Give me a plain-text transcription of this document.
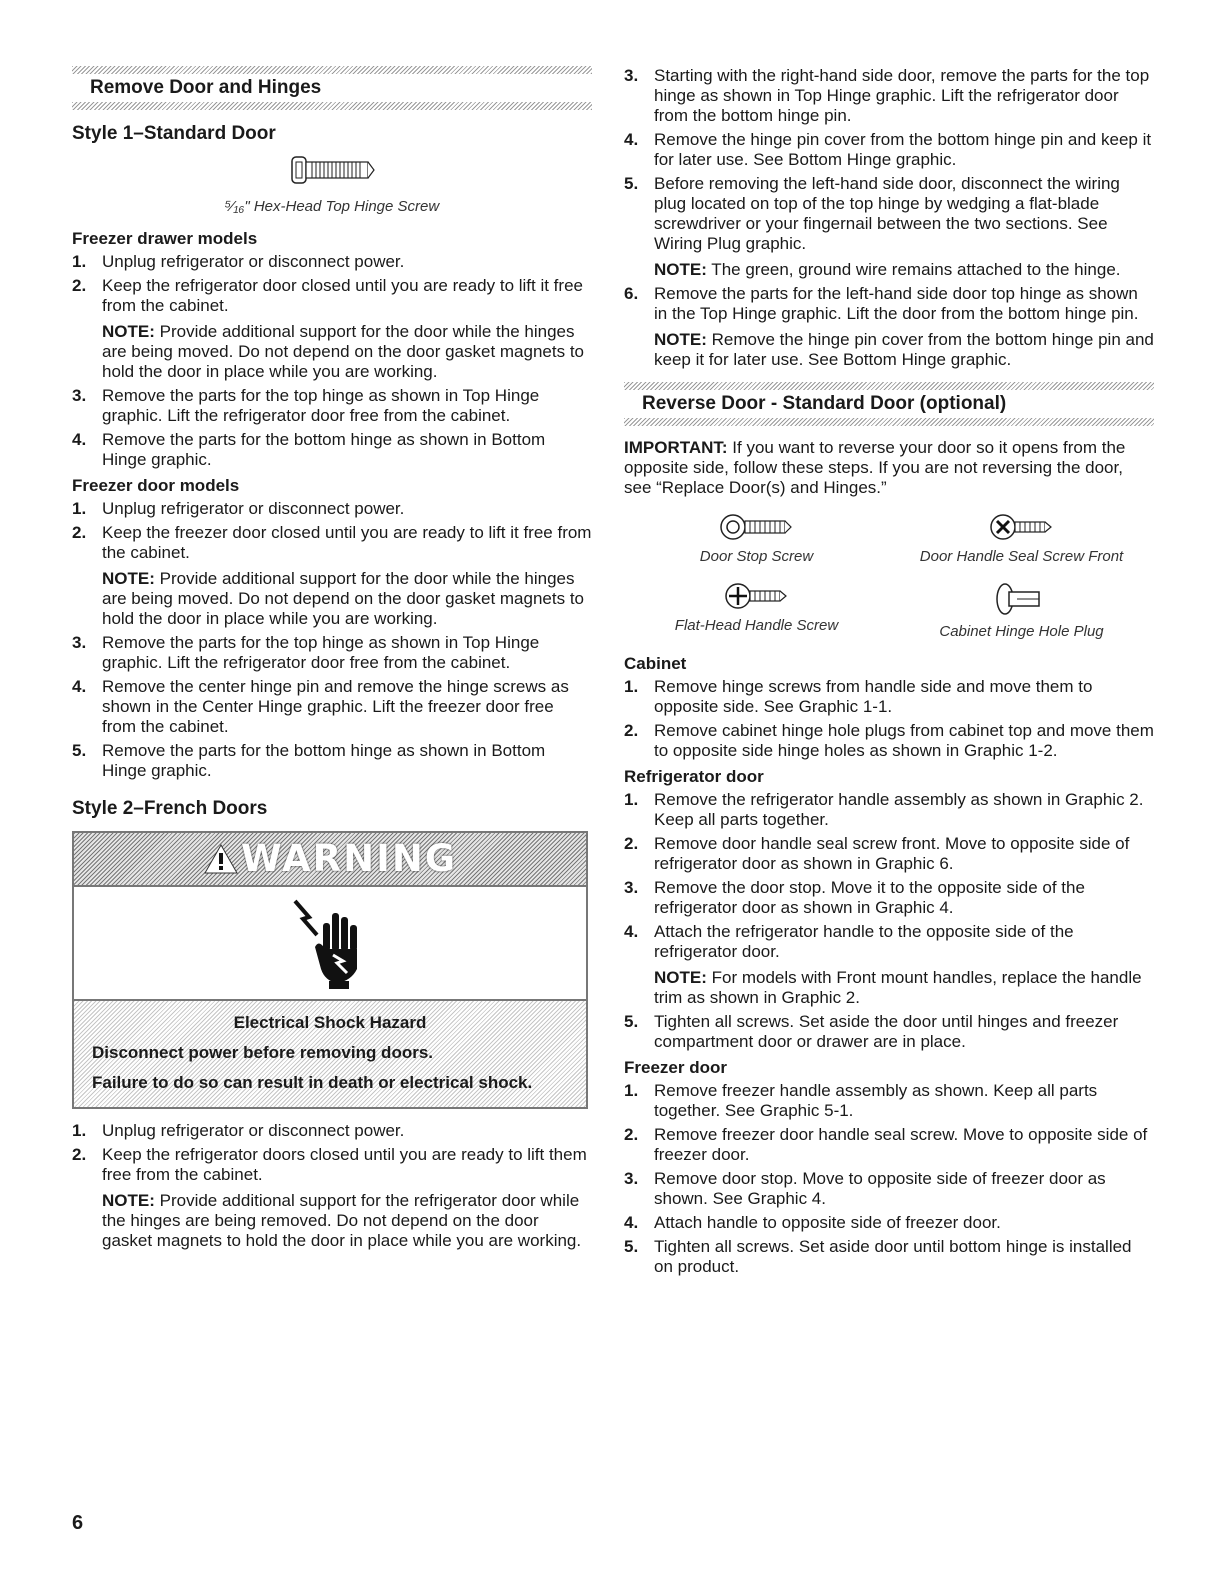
Remove Door and Hinges
Style 1–Standard Door
⁵⁄₁₆" Hex-Head Top Hinge Screw
Freezer drawer models
1. Unplug refrigerator or disconnect power.
2. Keep the refrigerator door closed until you are ready to lift it free from the cabinet.
NOTE: Provide additional support for the door while the hinges are being moved. Do not depend on the door gasket magnets to hold the door in place while you are working.
3. Remove the parts for the top hinge as shown in Top Hinge graphic. Lift the refrigerator door free from the cabinet.
4. Remove the parts for the bottom hinge as shown in Bottom Hinge graphic.
Freezer door models
1. Unplug refrigerator or disconnect power.
2. Keep the freezer door closed until you are ready to lift it free from the cabinet.
NOTE: Provide additional support for the door while the hinges are being moved. Do not depend on the door gasket magnets to hold the door in place while you are working.
3. Remove the parts for the top hinge as shown in Top Hinge graphic. Lift the refrigerator door free from the cabinet.
4. Remove the center hinge pin and remove the hinge screws as shown in the Center Hinge graphic. Lift the freezer door free from the cabinet.
5. Remove the parts for the bottom hinge as shown in Bottom Hinge graphic.
Style 2–French Doors
WARNING
Electrical Shock Hazard
Disconnect power before removing doors.
Failure to do so can result in death or electrical shock.
1. Unplug refrigerator or disconnect power.
2. Keep the refrigerator doors closed until you are ready to lift them free from the cabinet.
NOTE: Provide additional support for the refrigerator door while the hinges are being removed. Do not depend on the door gasket magnets to hold the door in place while you are working.
3. Starting with the right-hand side door, remove the parts for the top hinge as shown in Top Hinge graphic. Lift the refrigerator door from the bottom hinge pin.
4. Remove the hinge pin cover from the bottom hinge pin and keep it for later use. See Bottom Hinge graphic.
5. Before removing the left-hand side door, disconnect the wiring plug located on top of the top hinge by wedging a flat-blade screwdriver or your fingernail between the two sections. See Wiring Plug graphic.
NOTE: The green, ground wire remains attached to the hinge.
6. Remove the parts for the left-hand side door top hinge as shown in the Top Hinge graphic. Lift the door from the bottom hinge pin.
NOTE: Remove the hinge pin cover from the bottom hinge pin and keep it for later use. See Bottom Hinge graphic.
Reverse Door - Standard Door (optional)
IMPORTANT: If you want to reverse your door so it opens from the opposite side, follow these steps. If you are not reversing the door, see “Replace Door(s) and Hinges.”
Door Stop Screw	Door Handle Seal Screw Front
Flat-Head Handle Screw	Cabinet Hinge Hole Plug
Cabinet
1. Remove hinge screws from handle side and move them to opposite side. See Graphic 1-1.
2. Remove cabinet hinge hole plugs from cabinet top and move them to opposite side hinge holes as shown in Graphic 1-2.
Refrigerator door
1. Remove the refrigerator handle assembly as shown in Graphic 2. Keep all parts together.
2. Remove door handle seal screw front. Move to opposite side of refrigerator door as shown in Graphic 6.
3. Remove the door stop. Move it to the opposite side of the refrigerator door as shown in Graphic 4.
4. Attach the refrigerator handle to the opposite side of the refrigerator door.
NOTE: For models with Front mount handles, replace the handle trim as shown in Graphic 2.
5. Tighten all screws. Set aside the door until hinges and freezer compartment door or drawer are in place.
Freezer door
1. Remove freezer handle assembly as shown. Keep all parts together. See Graphic 5-1.
2. Remove freezer door handle seal screw. Move to opposite side of freezer door.
3. Remove door stop. Move to opposite side of freezer door as shown. See Graphic 4.
4. Attach handle to opposite side of freezer door.
5. Tighten all screws. Set aside door until bottom hinge is installed on product.
6
